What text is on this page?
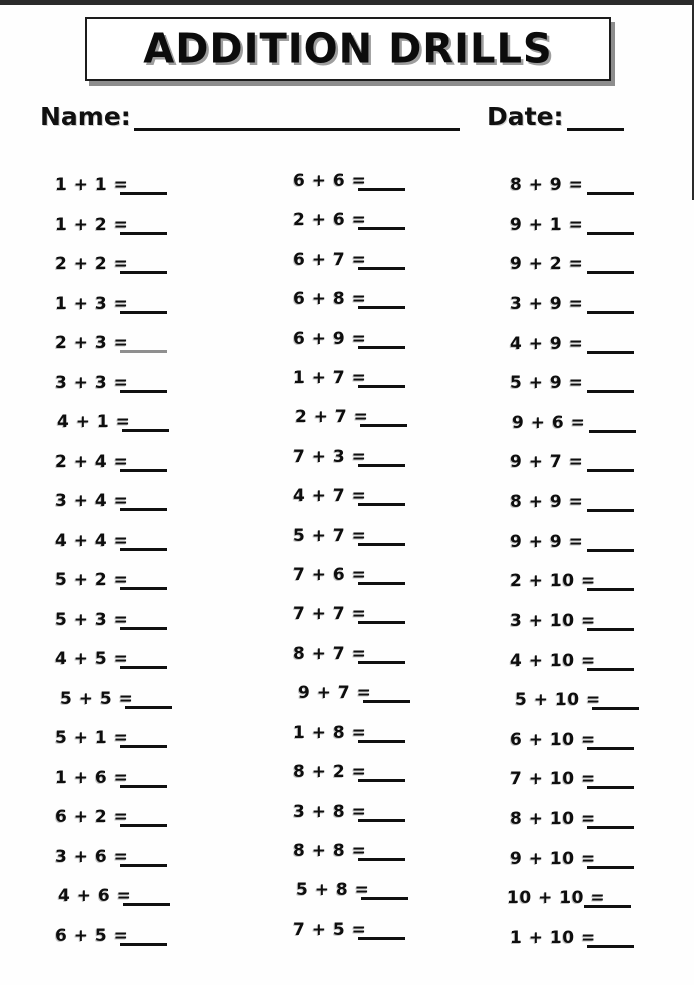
ADDITION DRILLS
Name:	Date:
1 + 1 =
1 + 2 =
2 + 2 =
1 + 3 =
2 + 3 =
3 + 3 =
4 + 1 =
2 + 4 =
3 + 4 =
4 + 4 =
5 + 2 =
5 + 3 =
4 + 5 =
5 + 5 =
5 + 1 =
1 + 6 =
6 + 2 =
3 + 6 =
4 + 6 =
6 + 5 =
6 + 6 =
2 + 6 =
6 + 7 =
6 + 8 =
6 + 9 =
1 + 7 =
2 + 7 =
7 + 3 =
4 + 7 =
5 + 7 =
7 + 6 =
7 + 7 =
8 + 7 =
9 + 7 =
1 + 8 =
8 + 2 =
3 + 8 =
8 + 8 =
5 + 8 =
7 + 5 =
8 + 9 =
9 + 1 =
9 + 2 =
3 + 9 =
4 + 9 =
5 + 9 =
9 + 6 =
9 + 7 =
8 + 9 =
9 + 9 =
2 + 10 =
3 + 10 =
4 + 10 =
5 + 10 =
6 + 10 =
7 + 10 =
8 + 10 =
9 + 10 =
10 + 10 =
1 + 10 =
